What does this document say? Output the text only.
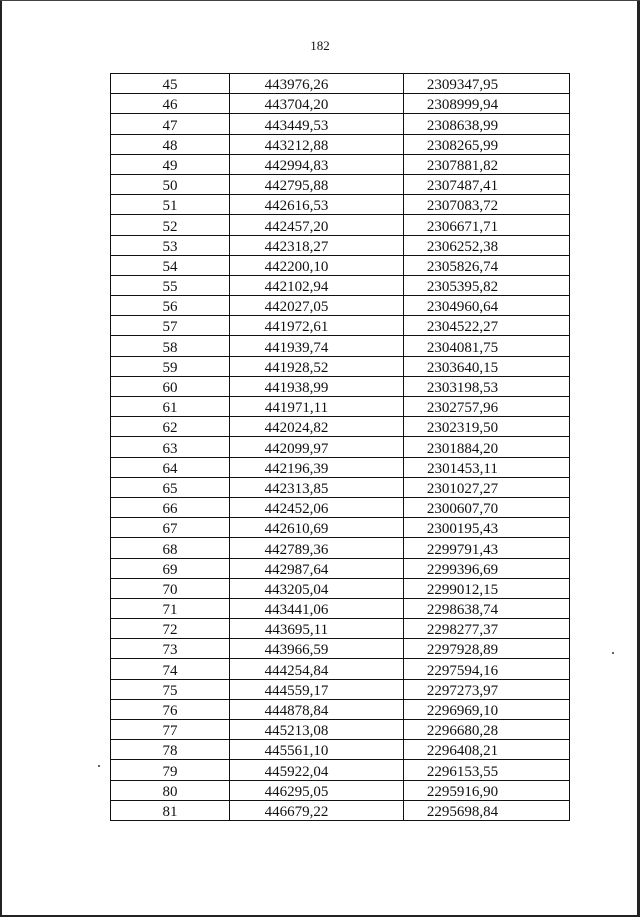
182
45	443976,26	2309347,95
46	443704,20	2308999,94
47	443449,53	2308638,99
48	443212,88	2308265,99
49	442994,83	2307881,82
50	442795,88	2307487,41
51	442616,53	2307083,72
52	442457,20	2306671,71
53	442318,27	2306252,38
54	442200,10	2305826,74
55	442102,94	2305395,82
56	442027,05	2304960,64
57	441972,61	2304522,27
58	441939,74	2304081,75
59	441928,52	2303640,15
60	441938,99	2303198,53
61	441971,11	2302757,96
62	442024,82	2302319,50
63	442099,97	2301884,20
64	442196,39	2301453,11
65	442313,85	2301027,27
66	442452,06	2300607,70
67	442610,69	2300195,43
68	442789,36	2299791,43
69	442987,64	2299396,69
70	443205,04	2299012,15
71	443441,06	2298638,74
72	443695,11	2298277,37
73	443966,59	2297928,89
74	444254,84	2297594,16
75	444559,17	2297273,97
76	444878,84	2296969,10
77	445213,08	2296680,28
78	445561,10	2296408,21
79	445922,04	2296153,55
80	446295,05	2295916,90
81	446679,22	2295698,84
